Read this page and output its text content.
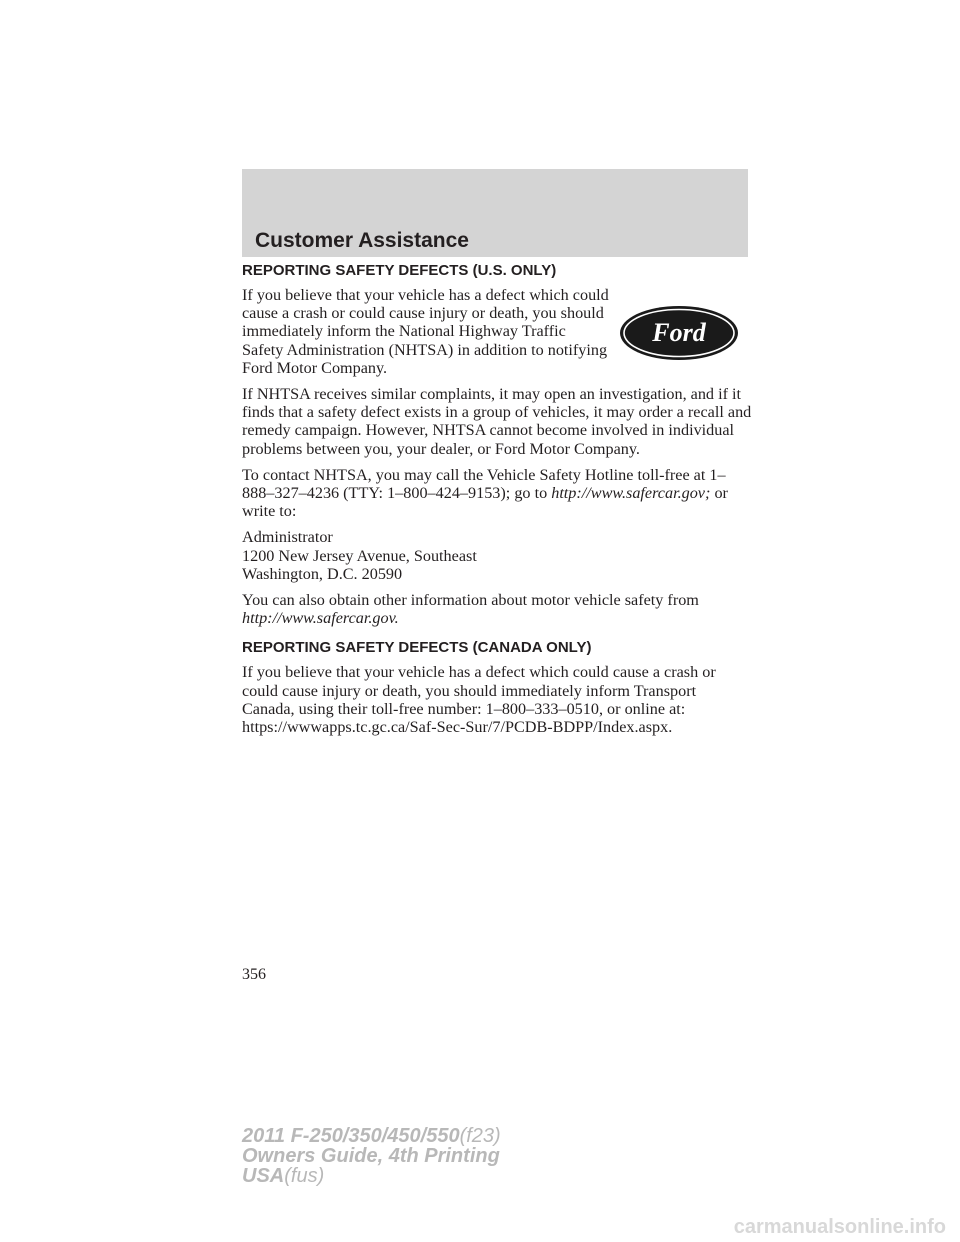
Customer Assistance
REPORTING SAFETY DEFECTS (U.S. ONLY)
Ford

If you believe that your vehicle has a defect which could cause a crash or could cause injury or death, you should immediately inform the National Highway Traffic Safety Administration (NHTSA) in addition to notifying Ford Motor Company.

If NHTSA receives similar complaints, it may open an investigation, and if it finds that a safety defect exists in a group of vehicles, it may order a recall and remedy campaign. However, NHTSA cannot become involved in individual problems between you, your dealer, or Ford Motor Company.

To contact NHTSA, you may call the Vehicle Safety Hotline toll-free at 1–888–327–4236 (TTY: 1–800–424–9153); go to http://www.safercar.gov; or write to:

Administrator
1200 New Jersey Avenue, Southeast
Washington, D.C. 20590

You can also obtain other information about motor vehicle safety from http://www.safercar.gov.

REPORTING SAFETY DEFECTS (CANADA ONLY)

If you believe that your vehicle has a defect which could cause a crash or could cause injury or death, you should immediately inform Transport Canada, using their toll-free number: 1–800–333–0510, or online at: https://wwwapps.tc.gc.ca/Saf-Sec-Sur/7/PCDB-BDPP/Index.aspx.

356
2011 F-250/350/450/550(f23)
Owners Guide, 4th Printing
USA(fus)
carmanualsonline.info
